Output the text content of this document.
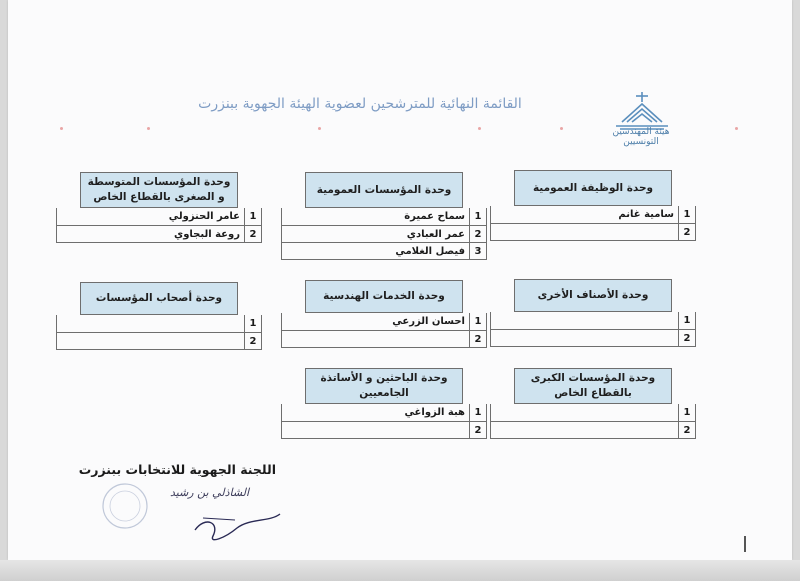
هيئة المهندسين التونسيين
القائمة النهائية للمترشحين لعضوية الهيئة الجهوية ببنزرت
وحدة الوظيفة العمومية
1
سامية غانم
2
وحدة المؤسسات العمومية
1
سماح عميرة
2
عمر العبادي
3
فيصل الغلامي
وحدة المؤسسات المتوسطة و الصغرى بالقطاع الخاص
1
عامر الحنزولي
2
روعة البجاوي
وحدة الأصناف الأخرى
1
2
وحدة الخدمات الهندسية
1
احسان الزرعي
2
وحدة أصحاب المؤسسات
1
2
وحدة المؤسسات الكبرى بالقطاع الخاص
1
2
وحدة الباحثين و الأساتذة الجامعيين
1
هبة الزواغي
2
اللجنة الجهوية للانتخابات ببنزرت
الشاذلي بن رشيد
